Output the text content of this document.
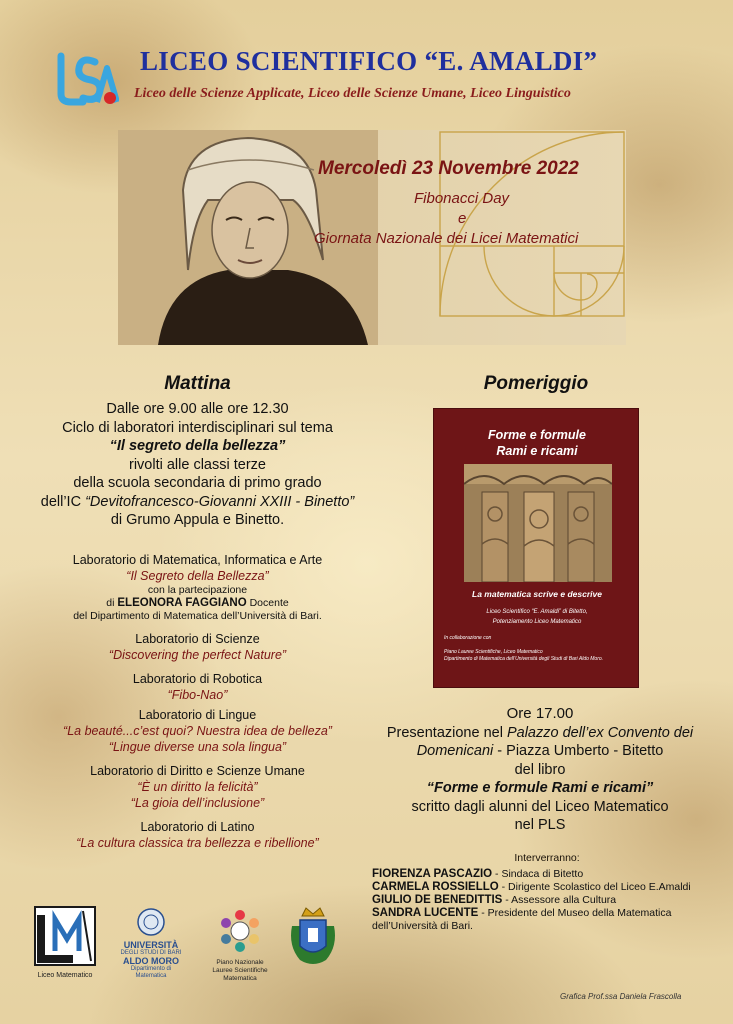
LICEO SCIENTIFICO “E. AMALDI”
Liceo delle Scienze Applicate, Liceo delle Scienze Umane, Liceo Linguistico
Mercoledì 23 Novembre 2022
Fibonacci Day
e
Giornata Nazionale dei Licei Matematici
Mattina

Dalle ore 9.00 alle ore 12.30

Ciclo di laboratori interdisciplinari sul tema

“Il segreto della bellezza”

rivolti alle classi terze

della scuola secondaria di primo grado

dell’IC “Devitofrancesco-Giovanni XXIII - Binetto”

di Grumo Appula e Binetto.

Laboratorio di Matematica, Informatica e Arte

“Il Segreto della Bellezza”

con la partecipazione

di ELEONORA FAGGIANO Docente

del Dipartimento di Matematica dell’Università di Bari.

Laboratorio di Scienze

“Discovering the perfect Nature”

Laboratorio di Robotica

“Fibo-Nao”

Laboratorio di Lingue

“La beauté...c’est quoi? Nuestra idea de belleza”

“Lingue diverse una sola lingua”

Laboratorio di Diritto e Scienze Umane

“È un diritto la felicità”

“La gioia dell’inclusione”

Laboratorio di Latino

“La cultura classica tra bellezza e ribellione”

Pomeriggio
Forme e formule
Rami e ricami
La matematica scrive e descrive
Liceo Scientifico “E. Amaldi” di Bitetto,
Potenziamento Liceo Matematico
In collaborazione con
Piano Lauree Scientifiche, Liceo Matematico
Dipartimento di Matematica dell’Università degli Studi di Bari Aldo Moro.

Ore 17.00

Presentazione nel Palazzo dell’ex Convento dei

Domenicani - Piazza Umberto - Bitetto

del libro

“Forme e formule Rami e ricami”

scritto dagli alunni del Liceo Matematico

nel PLS

Interverranno:

FIORENZA PASCAZIO - Sindaca di Bitetto

CARMELA ROSSIELLO - Dirigente Scolastico del Liceo E.Amaldi

GIULIO DE BENEDITTIS - Assessore alla Cultura

SANDRA LUCENTE - Presidente del Museo della Matematica

dell’Università di Bari.

Liceo Matematico
UNIVERSITÀ
DEGLI STUDI DI BARI
ALDO MORO
Dipartimento di
Matematica
Piano Nazionale
Lauree Scientifiche
Matematica
Grafica Prof.ssa Daniela Frascolla
